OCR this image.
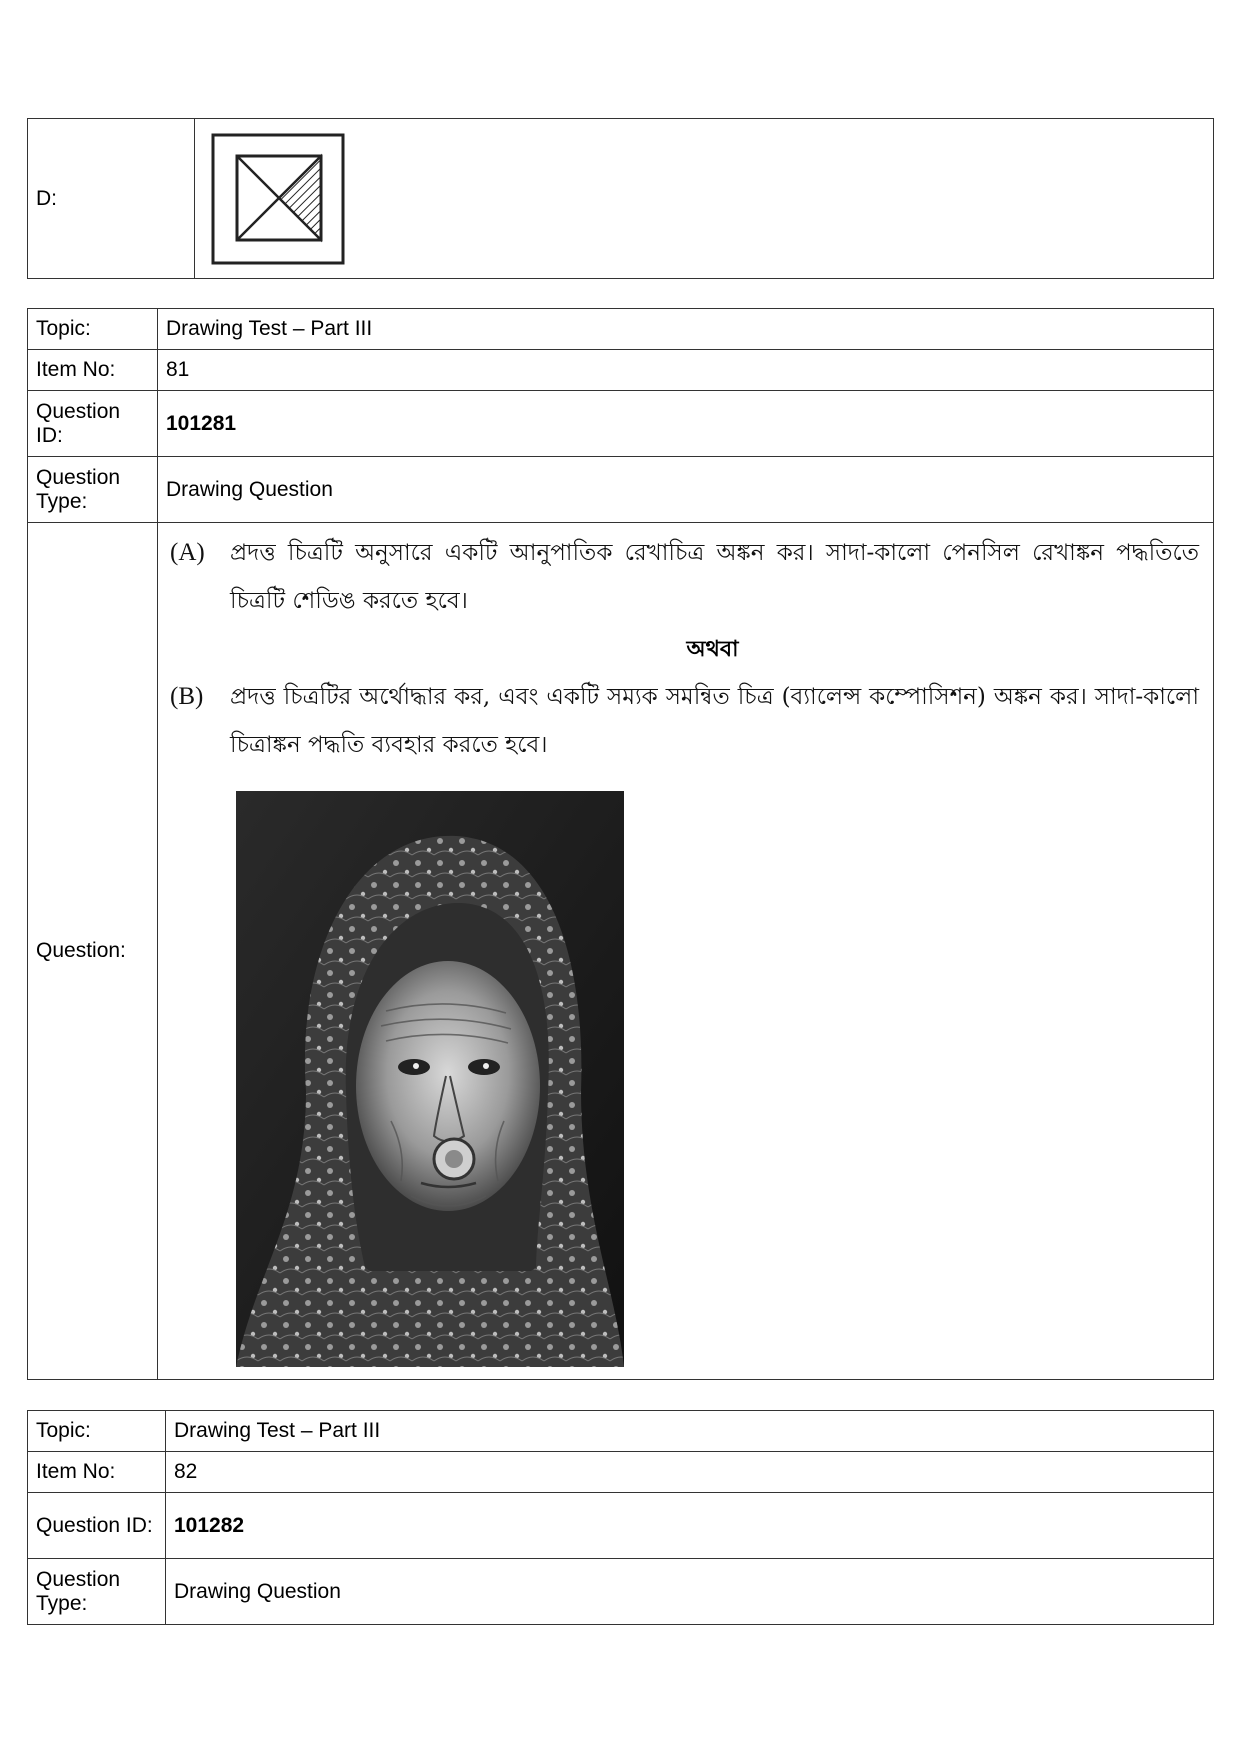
D:	
Topic:	Drawing Test – Part III
Item No:	81
Question ID:	101281
Question Type:	Drawing Question
Question:	(A) প্রদত্ত চিত্রটি অনুসারে একটি আনুপাতিক রেখাচিত্র অঙ্কন কর। সাদা-কালো পেনসিল রেখাঙ্কন পদ্ধতিতে চিত্রটি শেডিঙ করতে হবে।
অথবা
(B) প্রদত্ত চিত্রটির অর্থোদ্ধার কর, এবং একটি সম্যক সমন্বিত চিত্র (ব্যালেন্স কম্পোসিশন) অঙ্কন কর। সাদা-কালো চিত্রাঙ্কন পদ্ধতি ব্যবহার করতে হবে।
Topic:	Drawing Test – Part III
Item No:	82
Question ID:	101282
Question Type:	Drawing Question
